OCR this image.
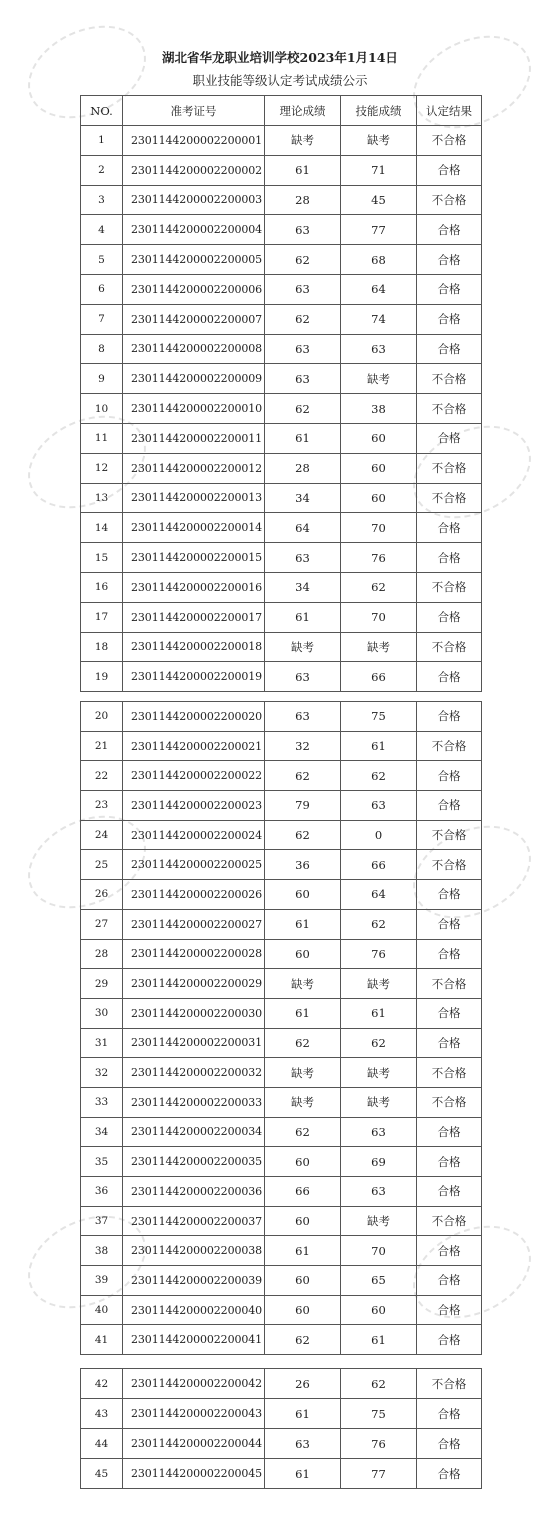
湖北省华龙职业培训学校2023年1月14日
职业技能等级认定考试成绩公示
NO.	准考证号	理论成绩	技能成绩	认定结果
1	2301144200002200001	缺考	缺考	不合格
2	2301144200002200002	61	71	合格
3	2301144200002200003	28	45	不合格
4	2301144200002200004	63	77	合格
5	2301144200002200005	62	68	合格
6	2301144200002200006	63	64	合格
7	2301144200002200007	62	74	合格
8	2301144200002200008	63	63	合格
9	2301144200002200009	63	缺考	不合格
10	2301144200002200010	62	38	不合格
11	2301144200002200011	61	60	合格
12	2301144200002200012	28	60	不合格
13	2301144200002200013	34	60	不合格
14	2301144200002200014	64	70	合格
15	2301144200002200015	63	76	合格
16	2301144200002200016	34	62	不合格
17	2301144200002200017	61	70	合格
18	2301144200002200018	缺考	缺考	不合格
19	2301144200002200019	63	66	合格
20	2301144200002200020	63	75	合格
21	2301144200002200021	32	61	不合格
22	2301144200002200022	62	62	合格
23	2301144200002200023	79	63	合格
24	2301144200002200024	62	0	不合格
25	2301144200002200025	36	66	不合格
26	2301144200002200026	60	64	合格
27	2301144200002200027	61	62	合格
28	2301144200002200028	60	76	合格
29	2301144200002200029	缺考	缺考	不合格
30	2301144200002200030	61	61	合格
31	2301144200002200031	62	62	合格
32	2301144200002200032	缺考	缺考	不合格
33	2301144200002200033	缺考	缺考	不合格
34	2301144200002200034	62	63	合格
35	2301144200002200035	60	69	合格
36	2301144200002200036	66	63	合格
37	2301144200002200037	60	缺考	不合格
38	2301144200002200038	61	70	合格
39	2301144200002200039	60	65	合格
40	2301144200002200040	60	60	合格
41	2301144200002200041	62	61	合格
42	2301144200002200042	26	62	不合格
43	2301144200002200043	61	75	合格
44	2301144200002200044	63	76	合格
45	2301144200002200045	61	77	合格
